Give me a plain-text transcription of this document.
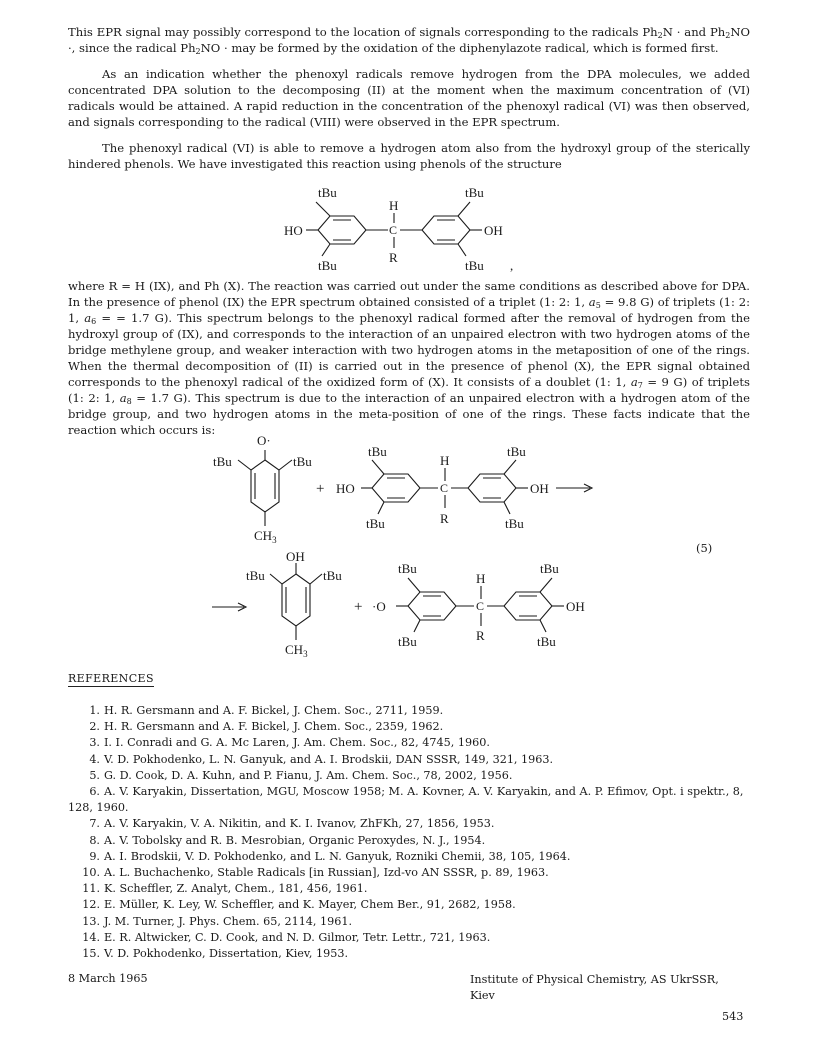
This EPR signal may possibly correspond to the location of signals corresponding to the radicals $Ph_2N$ · and $Ph_2NO$ ·, since the radical $Ph_2NO$ · may be formed by the oxidation of the diphenylazote radical, which is formed first.

As an indication whether the phenoxyl radicals remove hydrogen from the DPA molecules, we added concentrated DPA solution to the decomposing (II) at the moment when the maximum concentration of (VI) radicals would be attained. A rapid reduction in the concentration of the phenoxyl radical (VI) was then observed, and signals corresponding to the radical (VIII) were observed in the EPR spectrum.

The phenoxyl radical (VI) is able to remove a hydrogen atom also from the hydroxyl group of the sterically hindered phenols. We have investigated this reaction using phenols of the structure

tBu	tBu
H
C
HO	OH
R
tBu	tBu ,

where R = H (IX), and Ph (X). The reaction was carried out under the same conditions as described above for DPA. In the presence of phenol (IX) the EPR spectrum obtained consisted of a triplet (1: 2: 1, $a_5 = 9.8$ G) of triplets (1: 2: 1, $a_6$ = = 1.7 G). This spectrum belongs to the phenoxyl radical formed after the removal of hydrogen from the hydroxyl group of (IX), and corresponds to the interaction of an unpaired electron with two hydrogen atoms of the bridge methylene group, and weaker interaction with two hydrogen atoms in the metaposition of one of the rings. When the thermal decomposition of (II) is carried out in the presence of phenol (X), the EPR signal obtained corresponds to the phenoxyl radical of the oxidized form of (X). It consists of a doublet (1: 1, $a_7 = 9$ G) of triplets (1: 2: 1, $a_8 = 1.7$ G). This spectrum is due to the interaction of an unpaired electron with a hydrogen atom of the bridge group, and two hydrogen atoms in the meta-position of one of the rings. These facts indicate that the reaction which occurs is:

O·
tBu	tBu
$CH_3$
+ HO
tBu	tBu
H
C
R
tBu	tBu
OH
OH
tBu	tBu
$CH_3$
+ ·O
tBu	tBu
H
C
R
tBu	tBu
OH
(5)
REFERENCES
1. H. R. Gersmann and A. F. Bickel, J. Chem. Soc., 2711, 1959.
2. H. R. Gersmann and A. F. Bickel, J. Chem. Soc., 2359, 1962.
3. I. I. Conradi and G. A. Mc Laren, J. Am. Chem. Soc., 82, 4745, 1960.
4. V. D. Pokhodenko, L. N. Ganyuk, and A. I. Brodskii, DAN SSSR, 149, 321, 1963.
5. G. D. Cook, D. A. Kuhn, and P. Fianu, J. Am. Chem. Soc., 78, 2002, 1956.
6. A. V. Karyakin, Dissertation, MGU, Moscow 1958; M. A. Kovner, A. V. Karyakin, and A. P. Efimov, Opt. i spektr., 8, 128, 1960.
7. A. V. Karyakin, V. A. Nikitin, and K. I. Ivanov, ZhFKh, 27, 1856, 1953.
8. A. V. Tobolsky and R. B. Mesrobian, Organic Peroxydes, N. J., 1954.
9. A. I. Brodskii, V. D. Pokhodenko, and L. N. Ganyuk, Rozniki Chemii, 38, 105, 1964.
10. A. L. Buchachenko, Stable Radicals [in Russian], Izd-vo AN SSSR, p. 89, 1963.
11. K. Scheffler, Z. Analyt, Chem., 181, 456, 1961.
12. E. Müller, K. Ley, W. Scheffler, and K. Mayer, Chem Ber., 91, 2682, 1958.
13. J. M. Turner, J. Phys. Chem. 65, 2114, 1961.
14. E. R. Altwicker, C. D. Cook, and N. D. Gilmor, Tetr. Lettr., 721, 1963.
15. V. D. Pokhodenko, Dissertation, Kiev, 1953.
8 March 1965	Institute of Physical Chemistry, AS UkrSSR,
Kiev
543
